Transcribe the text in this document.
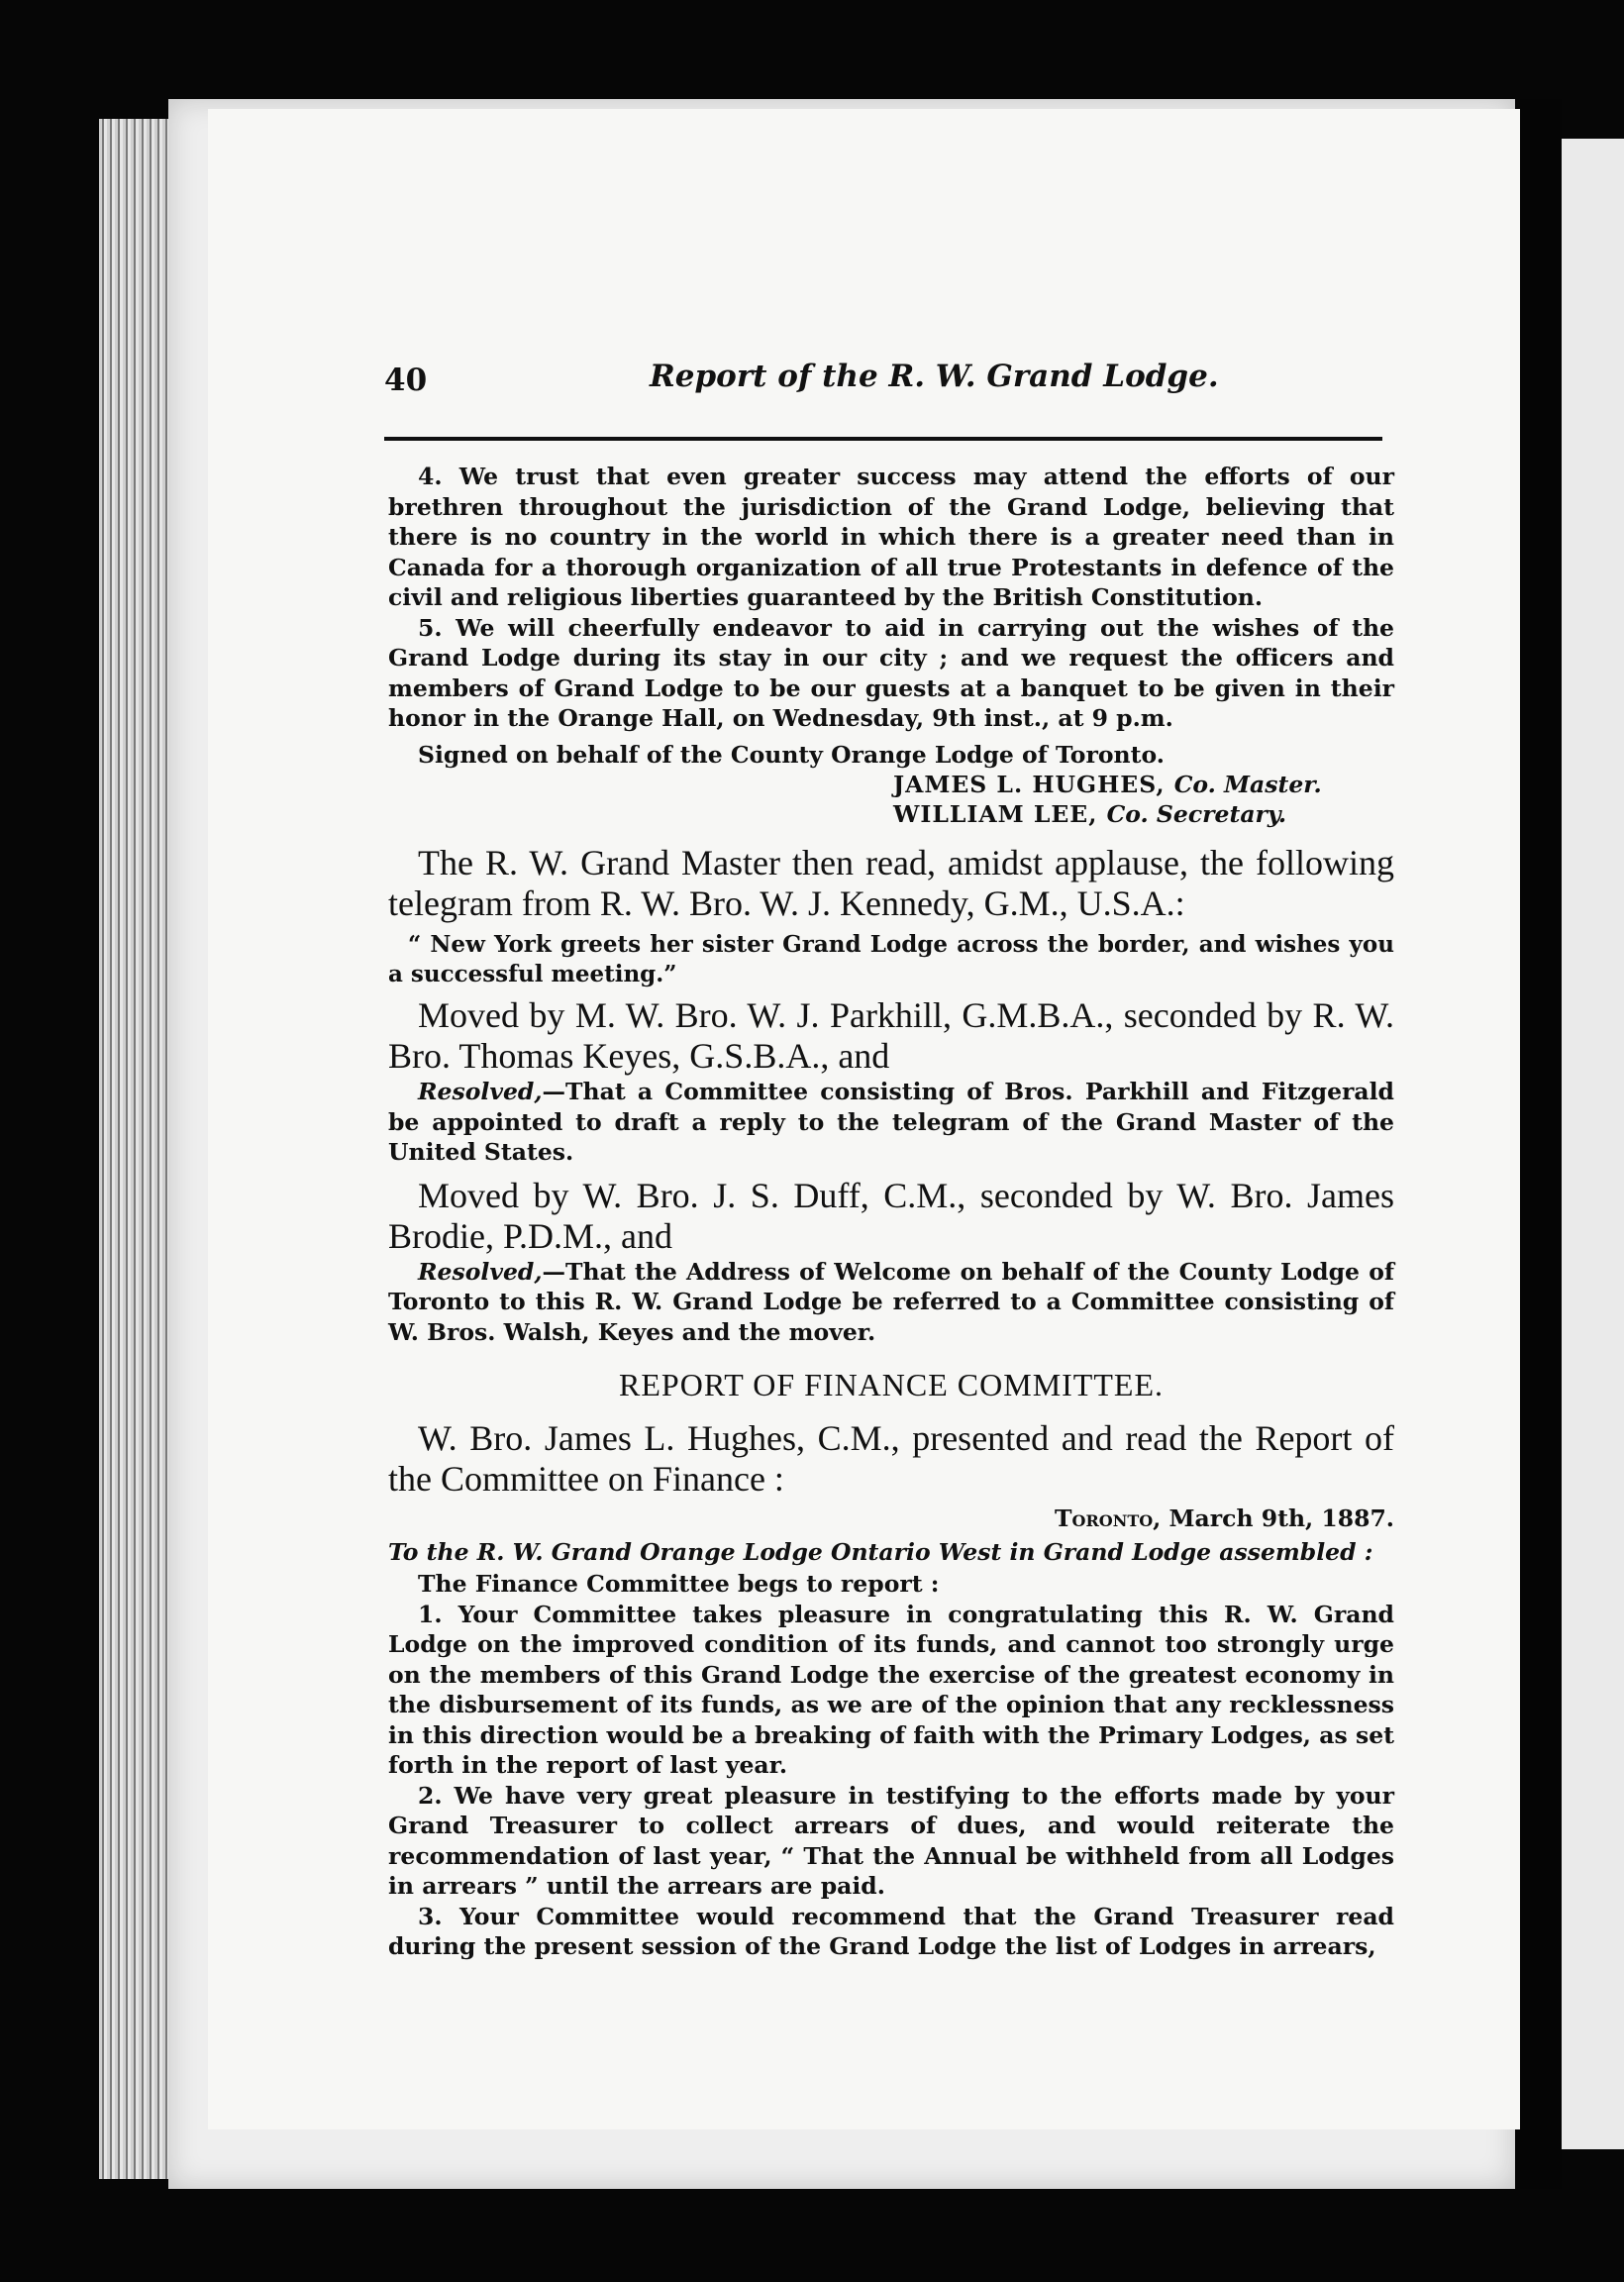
40	Report of the R. W. Grand Lodge.

4. We trust that even greater success may attend the efforts of our brethren throughout the jurisdiction of the Grand Lodge, believing that there is no country in the world in which there is a greater need than in Canada for a thorough organization of all true Protestants in defence of the civil and religious liberties guaranteed by the British Constitution.

5. We will cheerfully endeavor to aid in carrying out the wishes of the Grand Lodge during its stay in our city ; and we request the officers and members of Grand Lodge to be our guests at a banquet to be given in their honor in the Orange Hall, on Wednesday, 9th inst., at 9 p.m.

Signed on behalf of the County Orange Lodge of Toronto.

JAMES L. HUGHES, Co. Master.

WILLIAM LEE, Co. Secretary.

The R. W. Grand Master then read, amidst applause, the following telegram from R. W. Bro. W. J. Kennedy, G.M., U.S.A.:

“ New York greets her sister Grand Lodge across the border, and wishes you a successful meeting.”

Moved by M. W. Bro. W. J. Parkhill, G.M.B.A., seconded by R. W. Bro. Thomas Keyes, G.S.B.A., and

Resolved,—That a Committee consisting of Bros. Parkhill and Fitzgerald be appointed to draft a reply to the telegram of the Grand Master of the United States.

Moved by W. Bro. J. S. Duff, C.M., seconded by W. Bro. James Brodie, P.D.M., and

Resolved,—That the Address of Welcome on behalf of the County Lodge of Toronto to this R. W. Grand Lodge be referred to a Committee consisting of W. Bros. Walsh, Keyes and the mover.

REPORT OF FINANCE COMMITTEE.

W. Bro. James L. Hughes, C.M., presented and read the Report of the Committee on Finance :

Toronto, March 9th, 1887.

To the R. W. Grand Orange Lodge Ontario West in Grand Lodge assembled :

The Finance Committee begs to report :

1. Your Committee takes pleasure in congratulating this R. W. Grand Lodge on the improved condition of its funds, and cannot too strongly urge on the members of this Grand Lodge the exercise of the greatest economy in the disbursement of its funds, as we are of the opinion that any recklessness in this direction would be a breaking of faith with the Primary Lodges, as set forth in the report of last year.

2. We have very great pleasure in testifying to the efforts made by your Grand Treasurer to collect arrears of dues, and would reiterate the recommendation of last year, “ That the Annual be withheld from all Lodges in arrears ” until the arrears are paid.

3. Your Committee would recommend that the Grand Treasurer read during the present session of the Grand Lodge the list of Lodges in arrears,
